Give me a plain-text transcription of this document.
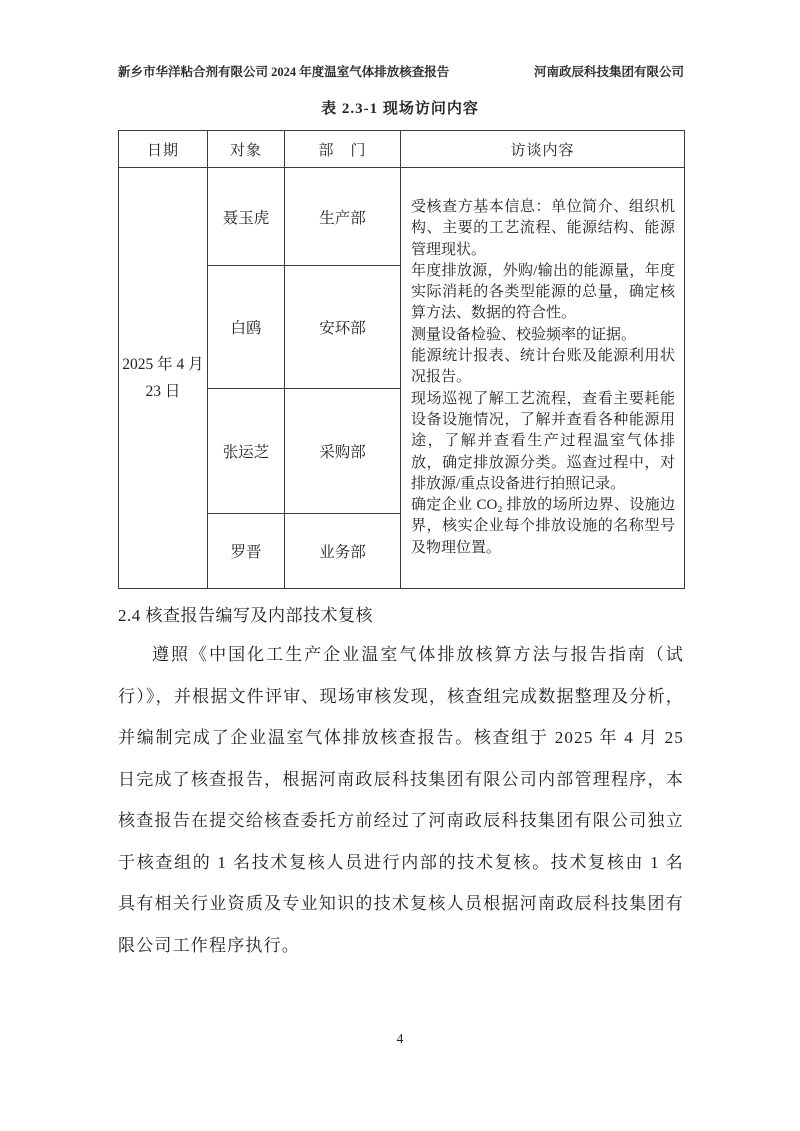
新乡市华洋粘合剂有限公司 2024 年度温室气体排放核查报告	河南政辰科技集团有限公司
表 2.3-1 现场访问内容
日期	对象	部　门	访谈内容
2025 年 4 月 23 日	聂玉虎	生产部	

受核查方基本信息：单位简介、组织机构、主要的工艺流程、能源结构、能源管理现状。

年度排放源，外购/输出的能源量，年度实际消耗的各类型能源的总量，确定核算方法、数据的符合性。

测量设备检验、校验频率的证据。

能源统计报表、统计台账及能源利用状况报告。

现场巡视了解工艺流程，查看主要耗能设备设施情况，了解并查看各种能源用途，了解并查看生产过程温室气体排放，确定排放源分类。巡查过程中，对排放源/重点设备进行拍照记录。

确定企业 CO₂ 排放的场所边界、设施边界，核实企业每个排放设施的名称型号及物理位置。

	白鸥	安环部	
	张运芝	采购部	
	罗晋	业务部	
2.4 核查报告编写及内部技术复核
遵照《中国化工生产企业温室气体排放核算方法与报告指南（试行）》，并根据文件评审、现场审核发现，核查组完成数据整理及分析，并编制完成了企业温室气体排放核查报告。核查组于 2025 年 4 月 25 日完成了核查报告，根据河南政辰科技集团有限公司内部管理程序，本核查报告在提交给核查委托方前经过了河南政辰科技集团有限公司独立于核查组的 1 名技术复核人员进行内部的技术复核。技术复核由 1 名具有相关行业资质及专业知识的技术复核人员根据河南政辰科技集团有限公司工作程序执行。
4
